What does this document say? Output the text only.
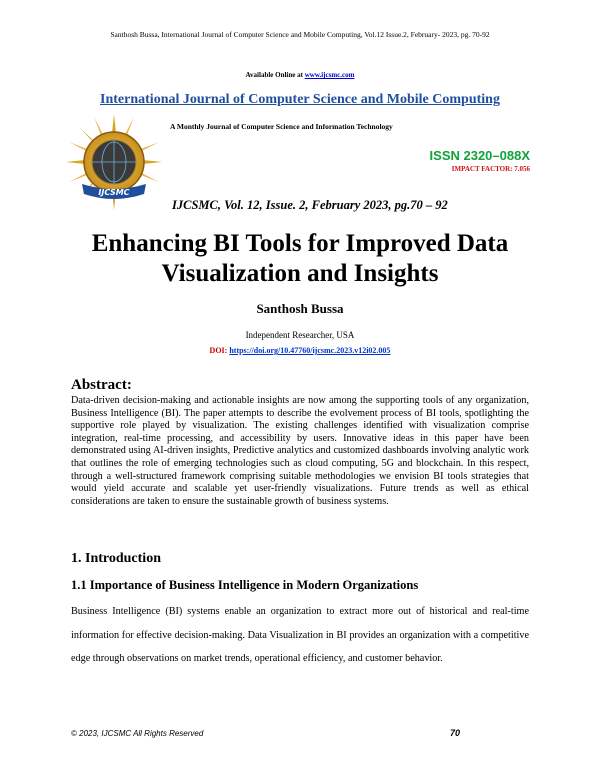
Santhosh Bussa, International Journal of Computer Science and Mobile Computing, Vol.12 Issue.2, February- 2023, pg. 70-92
Available Online at www.ijcsmc.com
International Journal of Computer Science and Mobile Computing
A Monthly Journal of Computer Science and Information Technology
IJCSMC
ISSN 2320–088X
IMPACT FACTOR: 7.056
IJCSMC, Vol. 12, Issue. 2, February 2023, pg.70 – 92
Enhancing BI Tools for Improved Data
Visualization and Insights
Santhosh Bussa
Independent Researcher, USA
DOI: https://doi.org/10.47760/ijcsmc.2023.v12i02.005
Abstract:
Data-driven decision-making and actionable insights are now among the supporting tools of any organization, Business Intelligence (BI). The paper attempts to describe the evolvement process of BI tools, spotlighting the supportive role played by visualization. The existing challenges identified with visualization comprise integration, real-time processing, and accessibility by users. Innovative ideas in this paper have been demonstrated using AI-driven insights, Predictive analytics and customized dashboards involving analytic work that outlines the role of emerging technologies such as cloud computing, 5G and blockchain. In this respect, through a well-structured framework comprising suitable methodologies we envision BI tools strategies that would yield accurate and scalable yet user-friendly visualizations. Future trends as well as ethical considerations are taken to ensure the sustainable growth of business systems.
1. Introduction
1.1 Importance of Business Intelligence in Modern Organizations
Business Intelligence (BI) systems enable an organization to extract more out of historical and real-time information for effective decision-making. Data Visualization in BI provides an organization with a competitive edge through observations on market trends, operational efficiency, and customer behavior.
© 2023, IJCSMC All Rights Reserved	70
